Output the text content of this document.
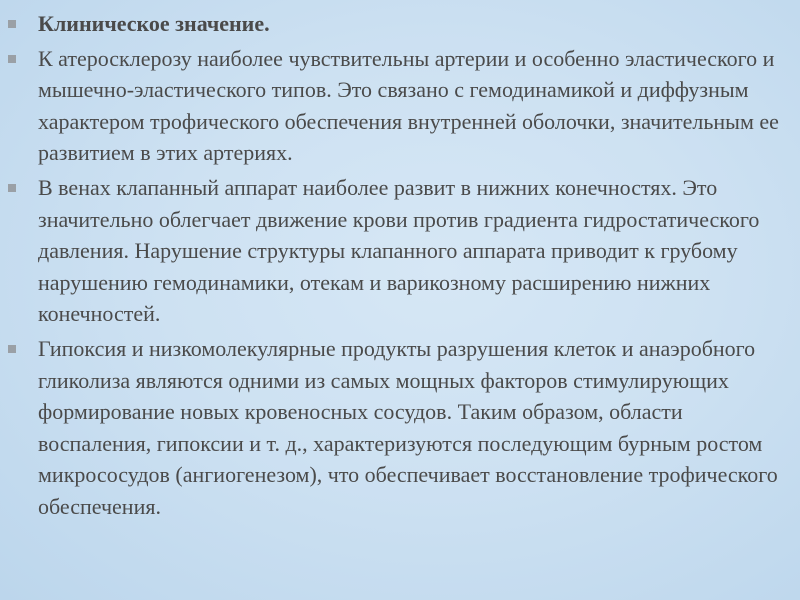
Клиническое значение.
К атеросклерозу наиболее чувствительны артерии и особенно эластического и мышечно-эластического типов. Это связано с гемодинамикой и диффузным характером трофического обеспечения внутренней оболочки, значительным ее развитием в этих артериях.
В венах клапанный аппарат наиболее развит в нижних конечностях. Это значительно облегчает движение крови против градиента гидростатического давления. Нарушение структуры клапанного аппарата приводит к грубому нарушению гемодинамики, отекам и варикозному расширению нижних конечностей.
Гипоксия и низкомолекулярные продукты разрушения клеток и анаэробного гликолиза являются одними из самых мощных факторов стимулирующих формирование новых кровеносных сосудов. Таким образом, области воспаления, гипоксии и т. д., характеризуются последующим бурным ростом микрососудов (ангиогенезом), что обеспечивает восстановление трофического обеспечения.
